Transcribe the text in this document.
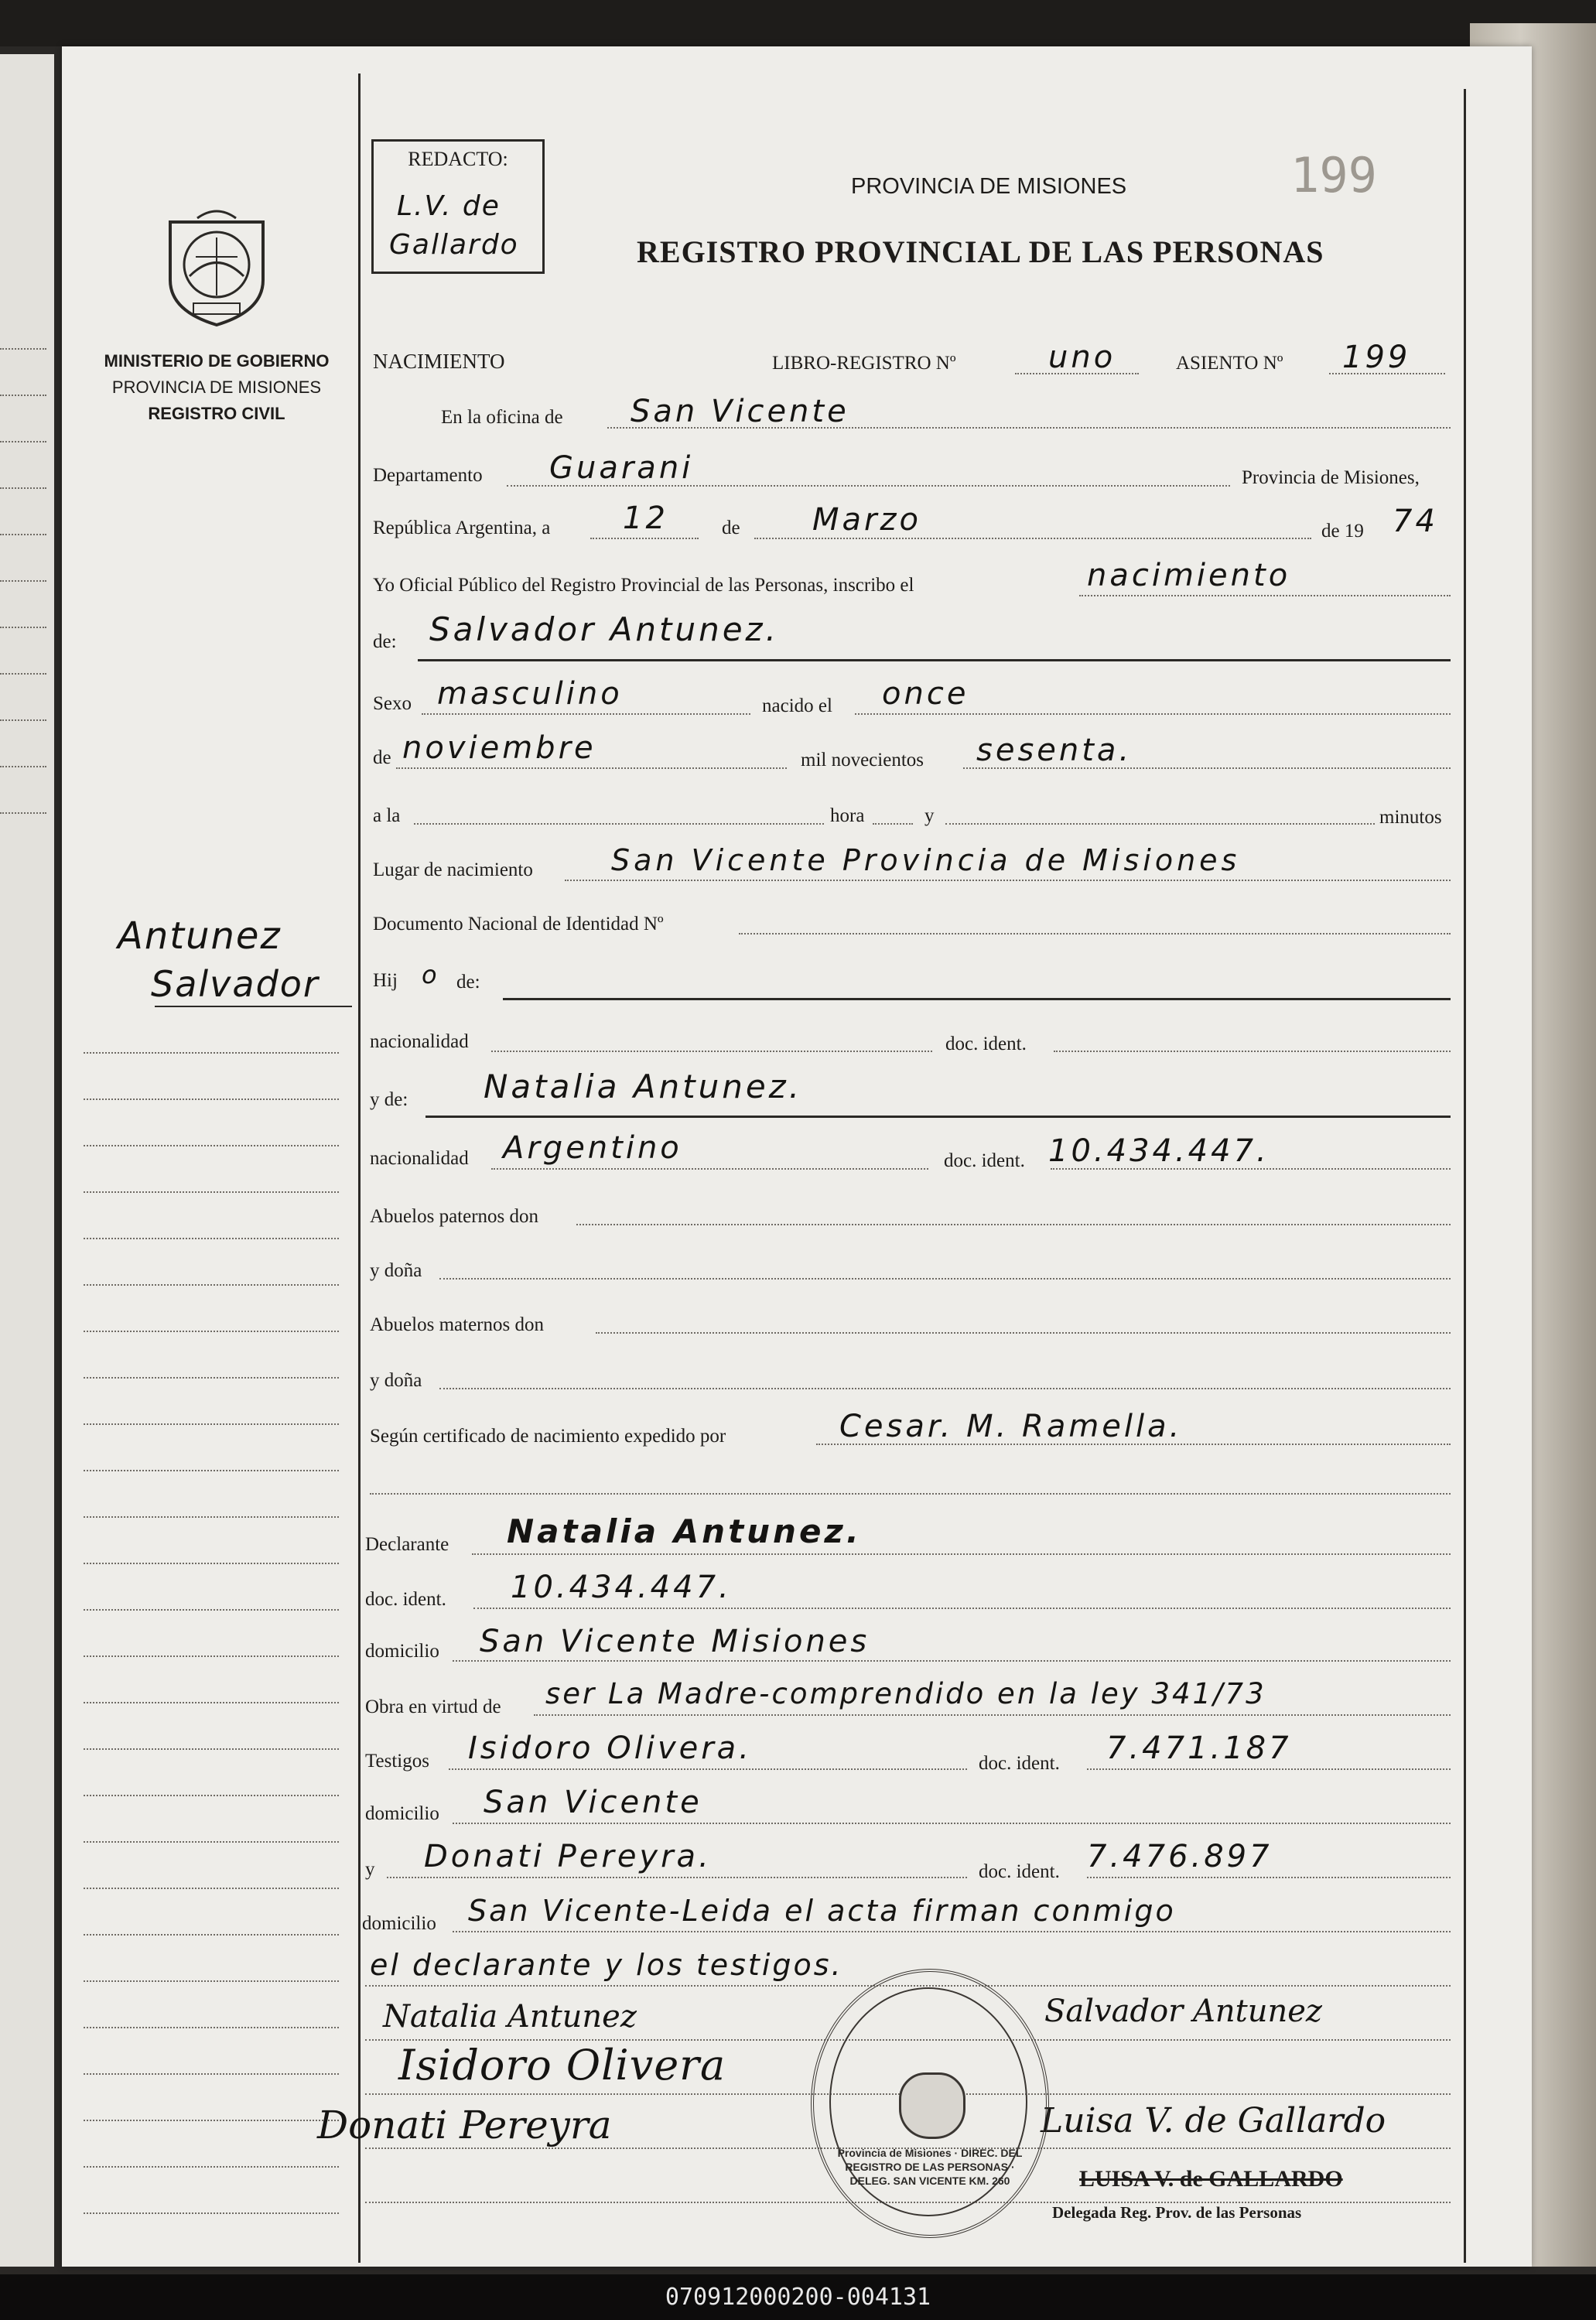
REDACTO:
L.V. de
Gallardo
PROVINCIA DE MISIONES
REGISTRO PROVINCIAL DE LAS PERSONAS
199
MINISTERIO DE GOBIERNO
PROVINCIA DE MISIONES
REGISTRO CIVIL
Antunez
Salvador
NACIMIENTO	LIBRO-REGISTRO Nº	uno	ASIENTO Nº 199
En la oficina de San Vicente
Departamento Guarani	Provincia de Misiones,
República Argentina, a 12	de Marzo	de 19 74
Yo Oficial Público del Registro Provincial de las Personas, inscribo el	nacimiento
de: Salvador Antunez.
Sexo masculino	nacido el once
de noviembre	mil novecientos sesenta.
a la	hora	y	minutos
Lugar de nacimiento	San Vicente Provincia de Misiones
Documento Nacional de Identidad Nº
Hij o de:
nacionalidad	doc. ident.
y de: Natalia Antunez.
nacionalidad Argentino	doc. ident. 10.434.447.
Abuelos paternos don
y doña
Abuelos maternos don
y doña
Según certificado de nacimiento expedido por	Cesar. M. Ramella.
Declarante Natalia Antunez.
doc. ident. 10.434.447.
domicilio San Vicente Misiones
Obra en virtud de ser La Madre-comprendido en la ley 341/73
Testigos Isidoro Olivera.	doc. ident. 7.471.187
domicilio San Vicente
y Donati Pereyra.	doc. ident. 7.476.897
domicilio San Vicente-Leida el acta firman conmigo
el declarante y los testigos.
Natalia Antunez	Salvador Antunez
Isidoro Olivera
Donati Pereyra	Luisa V. de Gallardo
LUISA V. de GALLARDO
Delegada Reg. Prov. de las Personas
Provincia de Misiones · DIREC. DEL REGISTRO DE LAS PERSONAS · DELEG. SAN VICENTE KM. 260
070912000200-004131
